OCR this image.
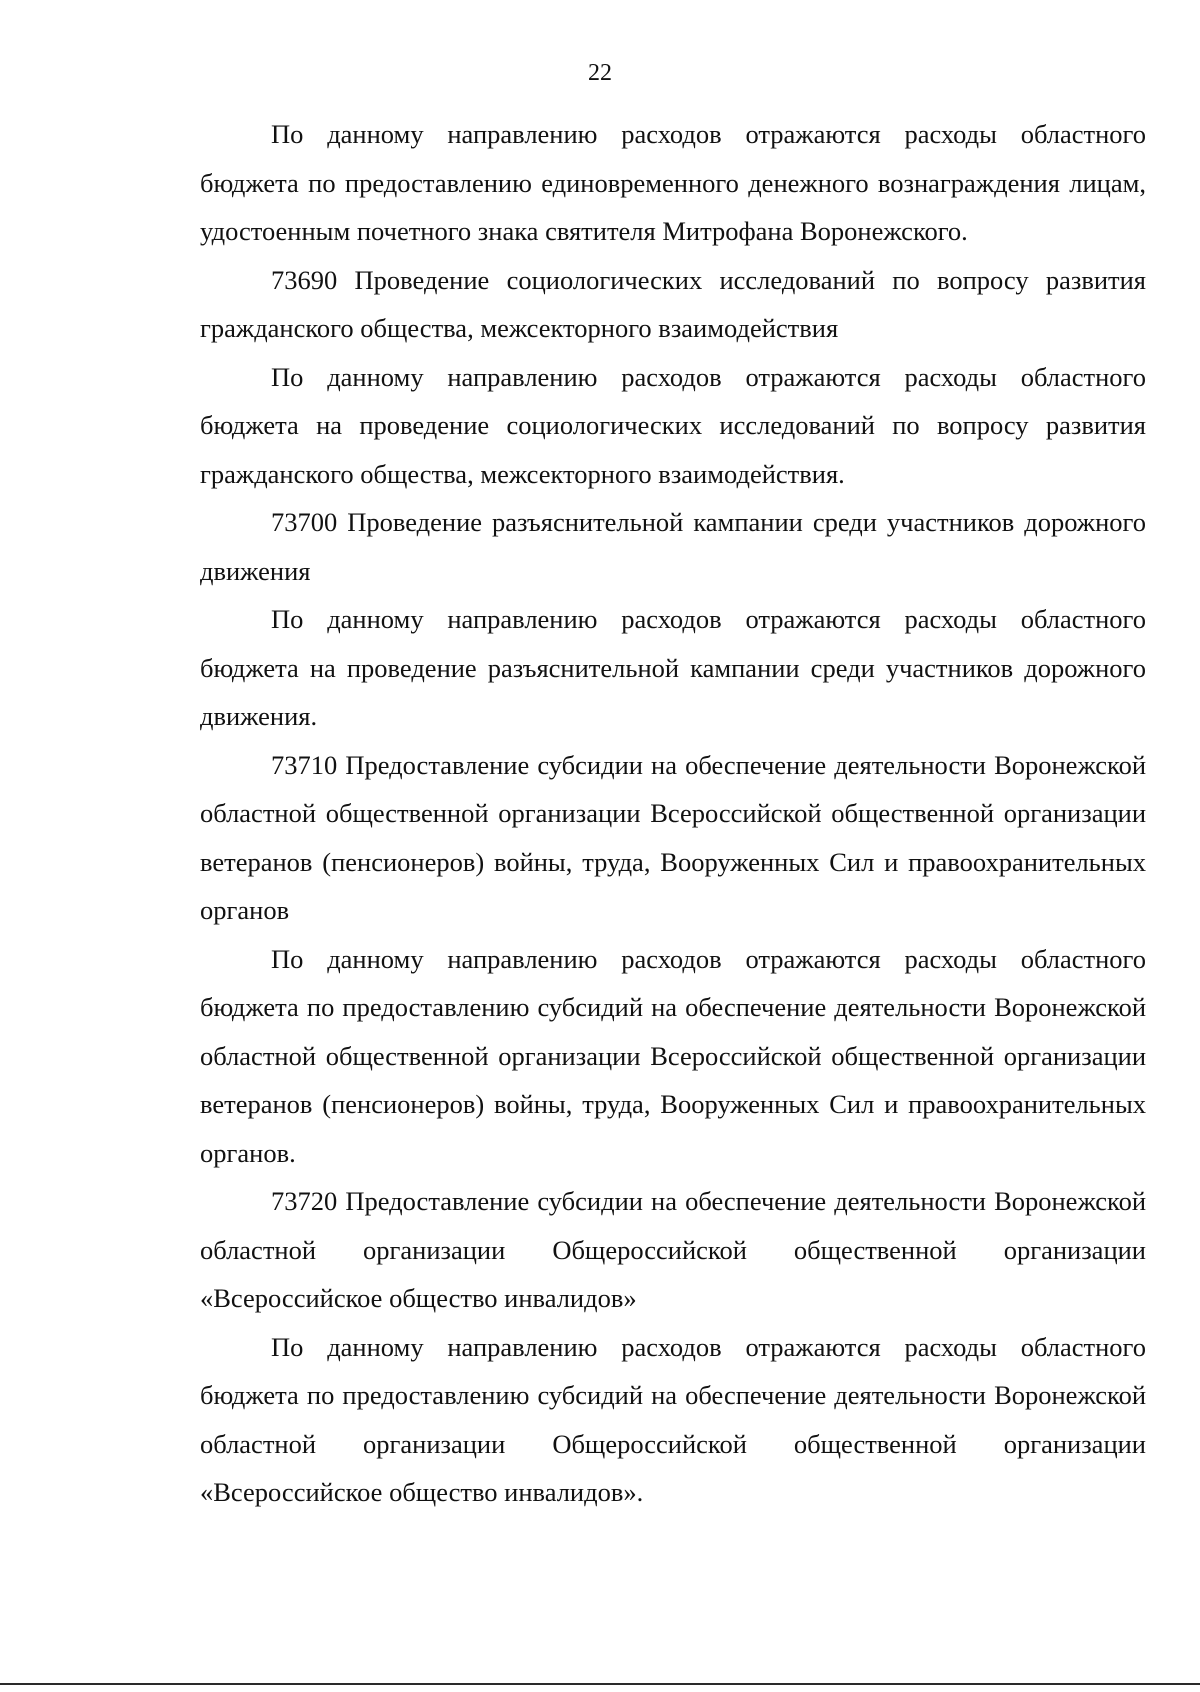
22

По данному направлению расходов отражаются расходы областного бюджета по предоставлению единовременного денежного вознаграждения лицам, удостоенным почетного знака святителя Митрофана Воронежского.

73690 Проведение социологических исследований по вопросу развития гражданского общества, межсекторного взаимодействия

По данному направлению расходов отражаются расходы областного бюджета на проведение социологических исследований по вопросу развития гражданского общества, межсекторного взаимодействия.

73700 Проведение разъяснительной кампании среди участников дорожного движения

По данному направлению расходов отражаются расходы областного бюджета на проведение разъяснительной кампании среди участников дорожного движения.

73710 Предоставление субсидии на обеспечение деятельности Воронежской областной общественной организации Всероссийской общественной организации ветеранов (пенсионеров) войны, труда, Вооруженных Сил и правоохранительных органов

По данному направлению расходов отражаются расходы областного бюджета по предоставлению субсидий на обеспечение деятельности Воронежской областной общественной организации Всероссийской общественной организации ветеранов (пенсионеров) войны, труда, Вооруженных Сил и правоохранительных органов.

73720 Предоставление субсидии на обеспечение деятельности Воронежской областной организации Общероссийской общественной организации «Всероссийское общество инвалидов»

По данному направлению расходов отражаются расходы областного бюджета по предоставлению субсидий на обеспечение деятельности Воронежской областной организации Общероссийской общественной организации «Всероссийское общество инвалидов».
